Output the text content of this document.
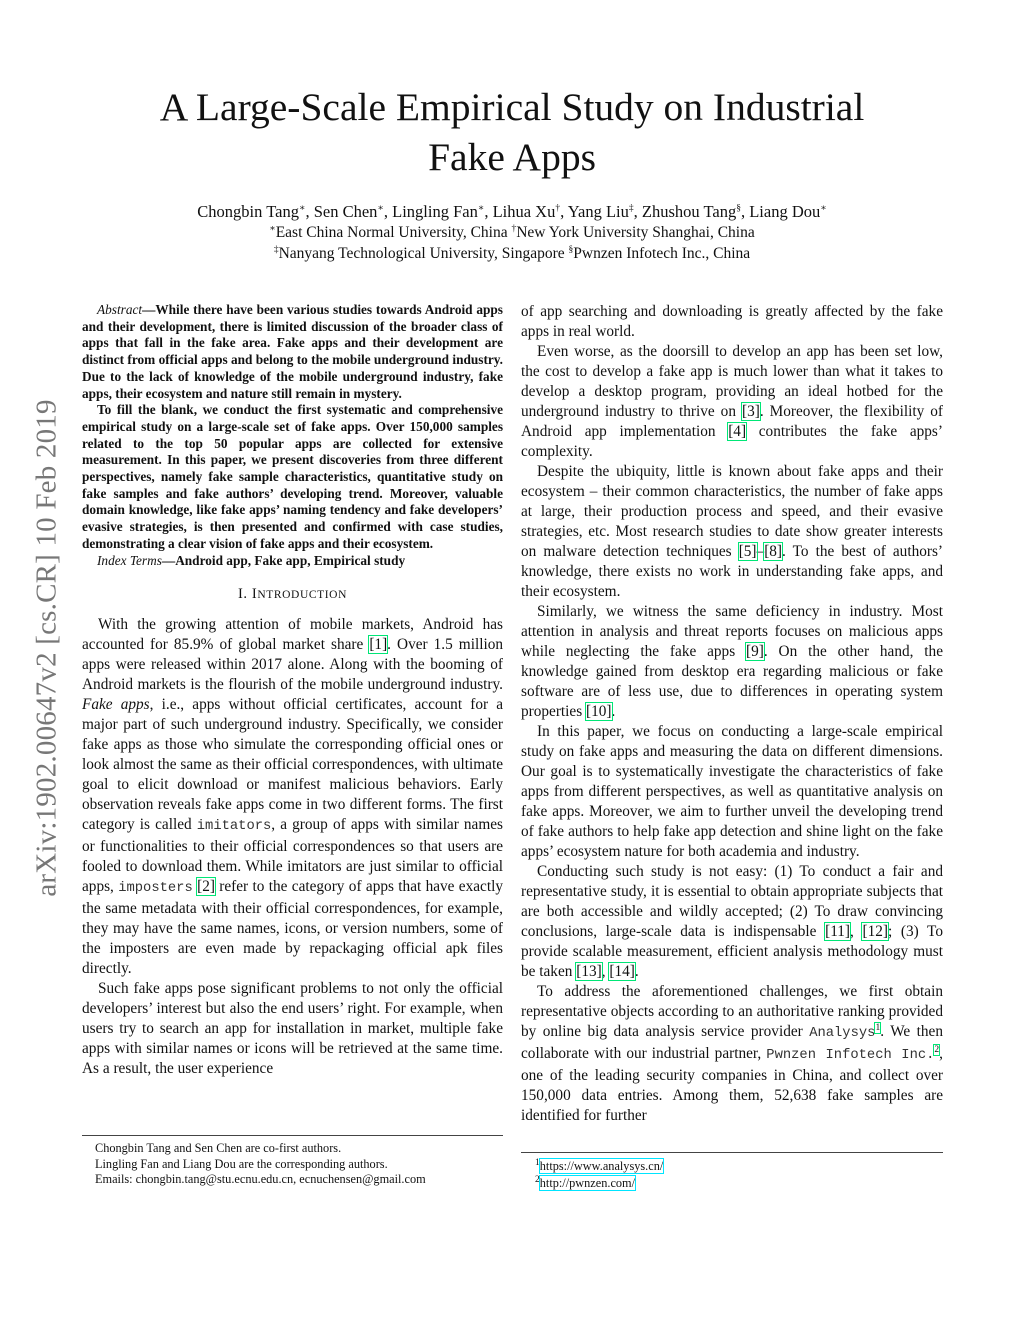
arXiv:1902.00647v2 [cs.CR] 10 Feb 2019
A Large-Scale Empirical Study on Industrial
Fake Apps
Chongbin Tang∗, Sen Chen∗, Lingling Fan∗, Lihua Xu†, Yang Liu‡, Zhushou Tang§, Liang Dou∗
∗East China Normal University, China †New York University Shanghai, China
‡Nanyang Technological University, Singapore §Pwnzen Infotech Inc., China

Abstract—While there have been various studies towards Android apps and their development, there is limited discussion of the broader class of apps that fall in the fake area. Fake apps and their development are distinct from official apps and belong to the mobile underground industry. Due to the lack of knowledge of the mobile underground industry, fake apps, their ecosystem and nature still remain in mystery.

To fill the blank, we conduct the first systematic and comprehensive empirical study on a large-scale set of fake apps. Over 150,000 samples related to the top 50 popular apps are collected for extensive measurement. In this paper, we present discoveries from three different perspectives, namely fake sample characteristics, quantitative study on fake samples and fake authors’ developing trend. Moreover, valuable domain knowledge, like fake apps’ naming tendency and fake developers’ evasive strategies, is then presented and confirmed with case studies, demonstrating a clear vision of fake apps and their ecosystem.

Index Terms—Android app, Fake app, Empirical study

I. INTRODUCTION

With the growing attention of mobile markets, Android has accounted for 85.9% of global market share [1]. Over 1.5 million apps were released within 2017 alone. Along with the booming of Android markets is the flourish of the mobile underground industry. Fake apps, i.e., apps without official certificates, account for a major part of such underground industry. Specifically, we consider fake apps as those who simulate the corresponding official ones or look almost the same as their official correspondences, with ultimate goal to elicit download or manifest malicious behaviors. Early observation reveals fake apps come in two different forms. The first category is called imitators, a group of apps with similar names or functionalities to their official correspondences so that users are fooled to download them. While imitators are just similar to official apps, imposters [2] refer to the category of apps that have exactly the same metadata with their official correspondences, for example, they may have the same names, icons, or version numbers, some of the imposters are even made by repackaging official apk files directly.

Such fake apps pose significant problems to not only the official developers’ interest but also the end users’ right. For example, when users try to search an app for installation in market, multiple fake apps with similar names or icons will be retrieved at the same time. As a result, the user experience

of app searching and downloading is greatly affected by the fake apps in real world.

Even worse, as the doorsill to develop an app has been set low, the cost to develop a fake app is much lower than what it takes to develop a desktop program, providing an ideal hotbed for the underground industry to thrive on [3]. Moreover, the flexibility of Android app implementation [4] contributes the fake apps’ complexity.

Despite the ubiquity, little is known about fake apps and their ecosystem – their common characteristics, the number of fake apps at large, their production process and speed, and their evasive strategies, etc. Most research studies to date show greater interests on malware detection techniques [5]–[8]. To the best of authors’ knowledge, there exists no work in understanding fake apps, and their ecosystem.

Similarly, we witness the same deficiency in industry. Most attention in analysis and threat reports focuses on malicious apps while neglecting the fake apps [9]. On the other hand, the knowledge gained from desktop era regarding malicious or fake software are of less use, due to differences in operating system properties [10].

In this paper, we focus on conducting a large-scale empirical study on fake apps and measuring the data on different dimensions. Our goal is to systematically investigate the characteristics of fake apps from different perspectives, as well as quantitative analysis on fake apps. Moreover, we aim to further unveil the developing trend of fake authors to help fake app detection and shine light on the fake apps’ ecosystem nature for both academia and industry.

Conducting such study is not easy: (1) To conduct a fair and representative study, it is essential to obtain appropriate subjects that are both accessible and wildly accepted; (2) To draw convincing conclusions, large-scale data is indispensable [11], [12]; (3) To provide scalable measurement, efficient analysis methodology must be taken [13], [14].

To address the aforementioned challenges, we first obtain representative objects according to an authoritative ranking provided by online big data analysis service provider Analysys$^1$. We then collaborate with our industrial partner, Pwnzen Infotech Inc.$^2$, one of the leading security companies in China, and collect over 150,000 data entries. Among them, 52,638 fake samples are identified for further

Chongbin Tang and Sen Chen are co-first authors.
Lingling Fan and Liang Dou are the corresponding authors.
Emails: chongbin.tang@stu.ecnu.edu.cn, ecnuchensen@gmail.com
$^1$https://www.analysys.cn/
$^2$http://pwnzen.com/
